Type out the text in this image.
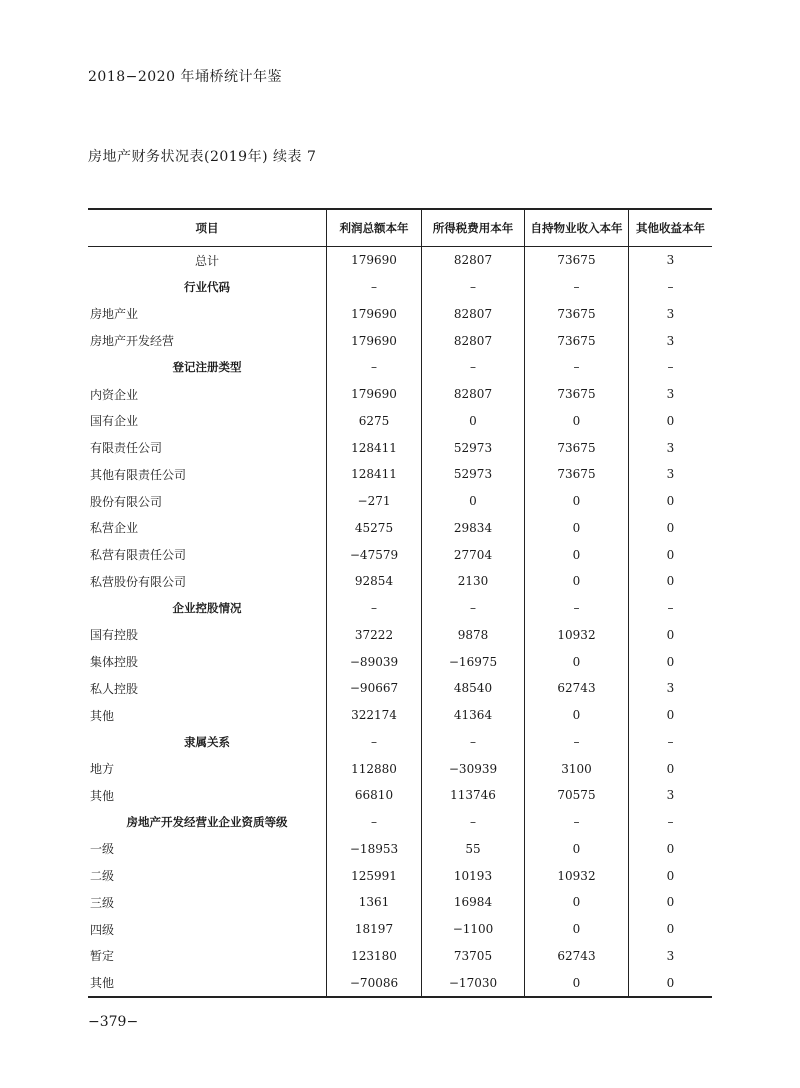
2018−2020 年埇桥统计年鉴
房地产财务状况表(2019年) 续表 7
项目	利润总额本年	所得税费用本年	自持物业收入本年	其他收益本年
总计	179690	82807	73675	3
行业代码	–	–	–	–
房地产业	179690	82807	73675	3
房地产开发经营	179690	82807	73675	3
登记注册类型	–	–	–	–
内资企业	179690	82807	73675	3
国有企业	6275	0	0	0
有限责任公司	128411	52973	73675	3
其他有限责任公司	128411	52973	73675	3
股份有限公司	−271	0	0	0
私营企业	45275	29834	0	0
私营有限责任公司	−47579	27704	0	0
私营股份有限公司	92854	2130	0	0
企业控股情况	–	–	–	–
国有控股	37222	9878	10932	0
集体控股	−89039	−16975	0	0
私人控股	−90667	48540	62743	3
其他	322174	41364	0	0
隶属关系	–	–	–	–
地方	112880	−30939	3100	0
其他	66810	113746	70575	3
房地产开发经营业企业资质等级	–	–	–	–
一级	−18953	55	0	0
二级	125991	10193	10932	0
三级	1361	16984	0	0
四级	18197	−1100	0	0
暂定	123180	73705	62743	3
其他	−70086	−17030	0	0
−379−
